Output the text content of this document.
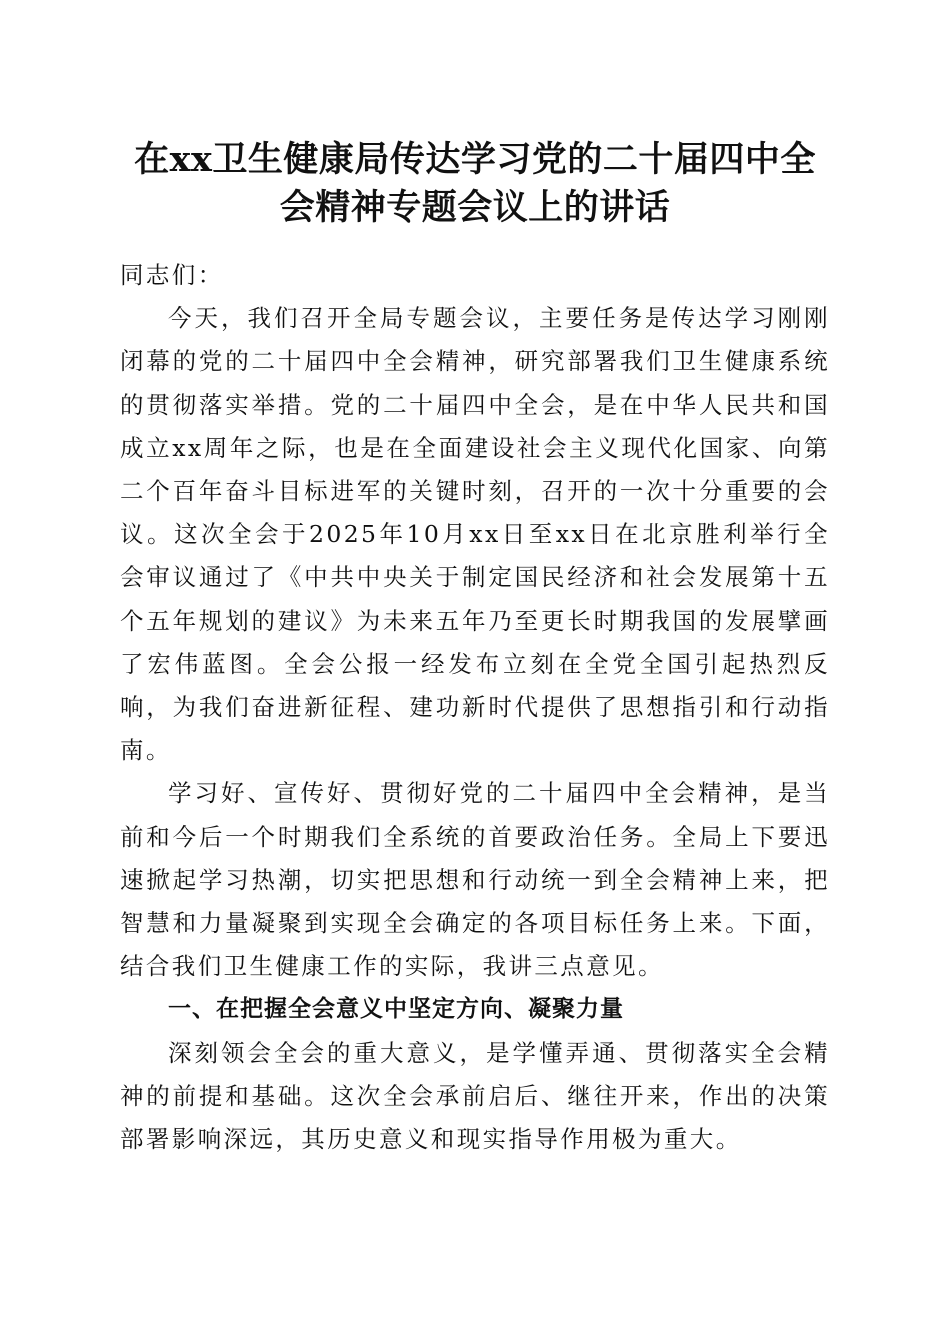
在xx卫生健康局传达学习党的二十届四中全
会精神专题会议上的讲话

同志们：

今天，我们召开全局专题会议，主要任务是传达学习刚刚闭幕的党的二十届四中全会精神，研究部署我们卫生健康系统的贯彻落实举措。党的二十届四中全会，是在中华人民共和国成立xx周年之际，也是在全面建设社会主义现代化国家、向第二个百年奋斗目标进军的关键时刻，召开的一次十分重要的会议。这次全会于2025年10月xx日至xx日在北京胜利举行全会审议通过了《中共中央关于制定国民经济和社会发展第十五个五年规划的建议》为未来五年乃至更长时期我国的发展擘画了宏伟蓝图。全会公报一经发布立刻在全党全国引起热烈反响，为我们奋进新征程、建功新时代提供了思想指引和行动指南。

学习好、宣传好、贯彻好党的二十届四中全会精神，是当前和今后一个时期我们全系统的首要政治任务。全局上下要迅速掀起学习热潮，切实把思想和行动统一到全会精神上来，把智慧和力量凝聚到实现全会确定的各项目标任务上来。下面，结合我们卫生健康工作的实际，我讲三点意见。

一、在把握全会意义中坚定方向、凝聚力量

深刻领会全会的重大意义，是学懂弄通、贯彻落实全会精神的前提和基础。这次全会承前启后、继往开来，作出的决策部署影响深远，其历史意义和现实指导作用极为重大。
